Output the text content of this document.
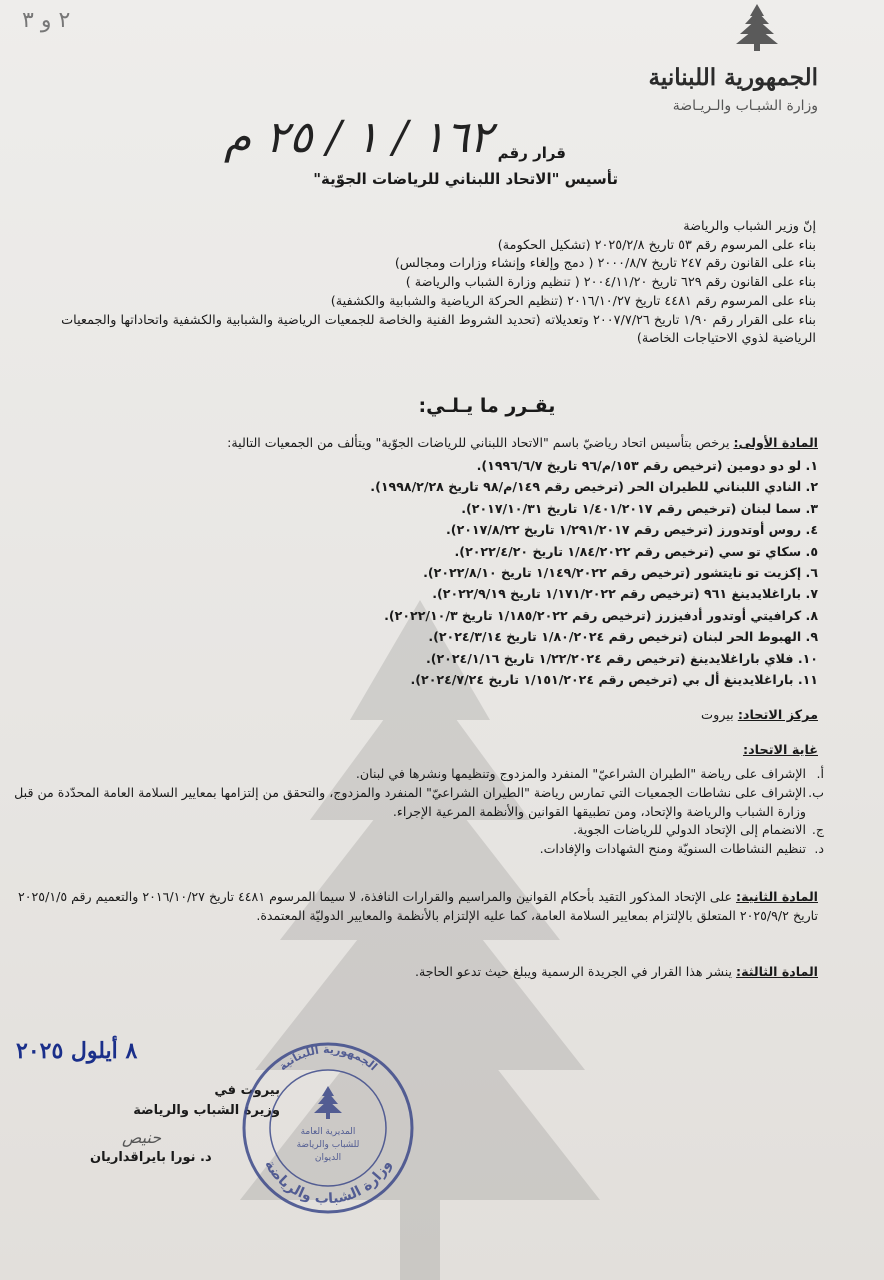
٢ و ٣
الجمهورية اللبنانية
وزارة الشبـاب والـريـاضة
قرار رقم
١٦٢ / ١ / ٢٥ م
تأسيس "الاتحاد اللبناني للرياضات الجوّية"
إنّ وزير الشباب والرياضة
بناء على المرسوم رقم ٥٣ تاريخ ٢٠٢٥/٢/٨ (تشكيل الحكومة)
بناء على القانون رقم ٢٤٧ تاريخ ٢٠٠٠/٨/٧ ( دمج وإلغاء وإنشاء وزارات ومجالس)
بناء على القانون رقم ٦٢٩ تاريخ ٢٠٠٤/١١/٢٠ ( تنظيم وزارة الشباب والرياضة )
بناء على المرسوم رقم ٤٤٨١ تاريخ ٢٠١٦/١٠/٢٧ (تنظيم الحركة الرياضية والشبابية والكشفية)
بناء على القرار رقم ١/٩٠ تاريخ ٢٠٠٧/٧/٢٦ وتعديلاته (تحديد الشروط الفنية والخاصة للجمعيات الرياضية والشبابية والكشفية واتحاداتها والجمعيات الرياضية لذوي الاحتياجات الخاصة)
يقـرر ما يـلـي:
المادة الأولى: يرخص بتأسيس اتحاد رياضيّ باسم "الاتحاد اللبناني للرياضات الجوّية" ويتألف من الجمعيات التالية:
١. لو دو دومين (ترخيص رقم ١٥٣/م/٩٦ تاريخ ١٩٩٦/٦/٧).
٢. النادي اللبناني للطيران الحر (ترخيص رقم ١٤٩/م/٩٨ تاريخ ١٩٩٨/٢/٢٨).
٣. سما لبنان (ترخيص رقم ١/٤٠١/٢٠١٧ تاريخ ٢٠١٧/١٠/٣١).
٤. روس أوتدورز (ترخيص رقم ١/٢٩١/٢٠١٧ تاريخ ٢٠١٧/٨/٢٢).
٥. سكاي تو سي (ترخيص رقم ١/٨٤/٢٠٢٢ تاريخ ٢٠٢٢/٤/٢٠).
٦. إكزيت تو نايتشور (ترخيص رقم ١/١٤٩/٢٠٢٢ تاريخ ٢٠٢٢/٨/١٠).
٧. باراغلايدينغ ٩٦١ (ترخيص رقم ١/١٧١/٢٠٢٢ تاريخ ٢٠٢٢/٩/١٩).
٨. كرافيتي أوتدور أدفيزرز (ترخيص رقم ١/١٨٥/٢٠٢٢ تاريخ ٢٠٢٢/١٠/٣).
٩. الهبوط الحر لبنان (ترخيص رقم ١/٨٠/٢٠٢٤ تاريخ ٢٠٢٤/٣/١٤).
١٠. فلاي باراغلايدينغ (ترخيص رقم ١/٢٢/٢٠٢٤ تاريخ ٢٠٢٤/١/١٦).
١١. باراغلايدينغ أل بي (ترخيص رقم ١/١٥١/٢٠٢٤ تاريخ ٢٠٢٤/٧/٢٤).
مركز الاتحاد: بيروت
غاية الاتحاد:
أ.
الإشراف على رياضة "الطيران الشراعيّ" المنفرد والمزدوج وتنظيمها ونشرها في لبنان.
ب.
الإشراف على نشاطات الجمعيات التي تمارس رياضة "الطيران الشراعيّ" المنفرد والمزدوج، والتحقق من إلتزامها بمعايير السلامة العامة المحدّدة من قبل وزارة الشباب والرياضة والإتحاد، ومن تطبيقها القوانين والأنظمة المرعية الإجراء.
ج.
الانضمام إلى الإتحاد الدولي للرياضات الجوية.
د.
تنظيم النشاطات السنويّة ومنح الشهادات والإفادات.
المادة الثانية: على الإتحاد المذكور التقيد بأحكام القوانين والمراسيم والقرارات النافذة، لا سيما المرسوم ٤٤٨١ تاريخ ٢٠١٦/١٠/٢٧ والتعميم رقم ٢٠٢٥/١/٥ تاريخ ٢٠٢٥/٩/٢ المتعلق بالإلتزام بمعايير السلامة العامة، كما عليه الإلتزام بالأنظمة والمعايير الدوليّة المعتمدة.
المادة الثالثة: ينشر هذا القرار في الجريدة الرسمية ويبلغ حيث تدعو الحاجة.
٨ أيلول ٢٠٢٥
بيروت في
وزيرة الشباب والرياضة
حنيص
د. نورا بايراقداريان	وزارة الشباب والرياضة
الجمهورية اللبنانية
المديرية العامة
للشباب والرياضة
الديوان
